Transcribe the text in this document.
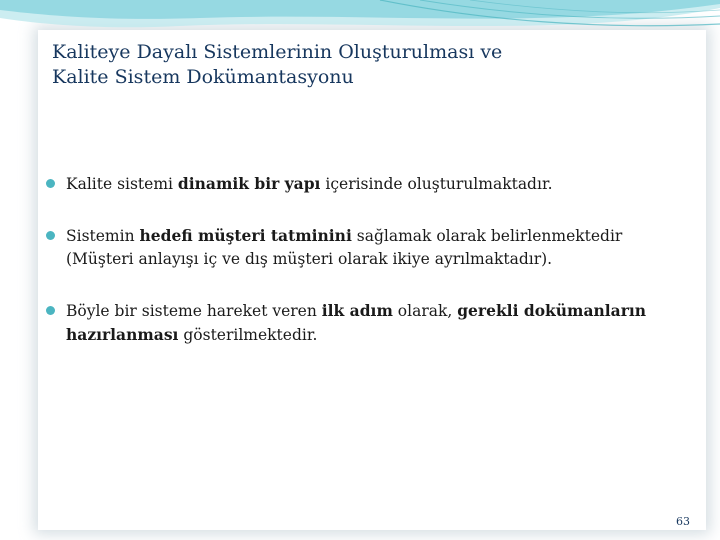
Kaliteye Dayalı Sistemlerinin Oluşturulması ve
Kalite Sistem Dokümantasyonu
Kalite sistemi dinamik bir yapı içerisinde oluşturulmaktadır.
Sistemin hedefi müşteri tatminini sağlamak olarak belirlenmektedir (Müşteri anlayışı iç ve dış müşteri olarak ikiye ayrılmaktadır).
Böyle bir sisteme hareket veren ilk adım olarak, gerekli dokümanların hazırlanması gösterilmektedir.
63
